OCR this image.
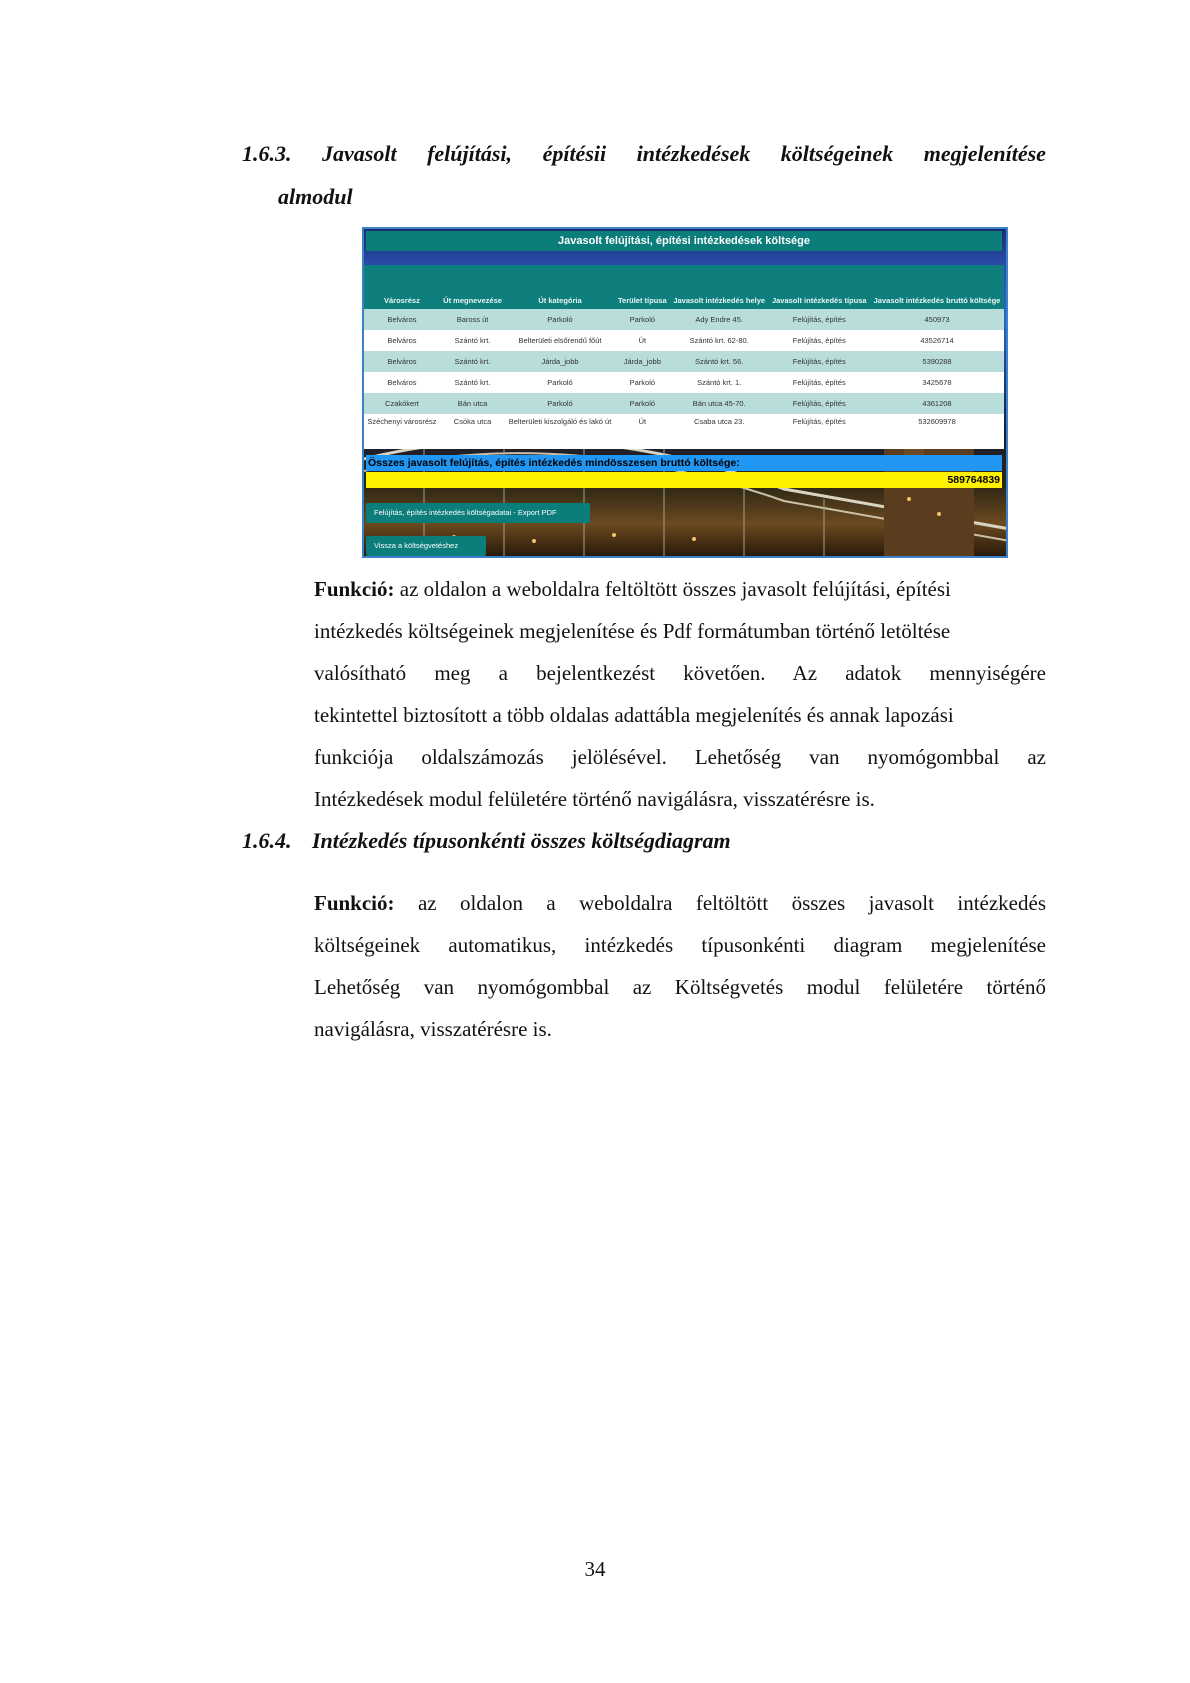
1.6.3. Javasolt felújítási, építésii intézkedések költségeinek megjelenítése
almodul
Javasolt felújítási, építési intézkedések költsége
Városrész	Út megnevezése	Út kategória	Terület típusa	Javasolt intézkedés helye	Javasolt intézkedés típusa	Javasolt intézkedés bruttó költsége
Belváros	Baross út	Parkoló	Parkoló	Ady Endre 45.	Felújítás, építés	450973
Belváros	Szántó krt.	Belterületi elsőrendű főút	Út	Szántó krt. 62-80.	Felújítás, építés	43526714
Belváros	Szántó krt.	Járda_jobb	Járda_jobb	Szántó krt. 56.	Felújítás, építés	5390288
Belváros	Szántó krt.	Parkoló	Parkoló	Szántó krt. 1.	Felújítás, építés	3425678
Czakókert	Bán utca	Parkoló	Parkoló	Bán utca 45-70.	Felújítás, építés	4361208
Széchenyi városrész	Csóka utca	Belterületi kiszolgáló és lakó út	Út	Csaba utca 23.	Felújítás, építés	532609978
Összes javasolt felújítás, építés intézkedés mindösszesen bruttó költsége:
589764839
Felújítás, építés intézkedés költségadatai - Export PDF
Vissza a költségvetéshez
Funkció: az oldalon a weboldalra feltöltött összes javasolt felújítási, építési
intézkedés költségeinek megjelenítése és Pdf formátumban történő letöltése
valósítható meg a bejelentkezést követően. Az adatok mennyiségére
tekintettel biztosított a több oldalas adattábla megjelenítés és annak lapozási
funkciója oldalszámozás jelölésével. Lehetőség van nyomógombbal az
Intézkedések modul felületére történő navigálásra, visszatérésre is.
1.6.4. Intézkedés típusonkénti összes költségdiagram
Funkció: az oldalon a weboldalra feltöltött összes javasolt intézkedés
költségeinek automatikus, intézkedés típusonkénti diagram megjelenítése
Lehetőség van nyomógombbal az Költségvetés modul felületére történő
navigálásra, visszatérésre is.
34
